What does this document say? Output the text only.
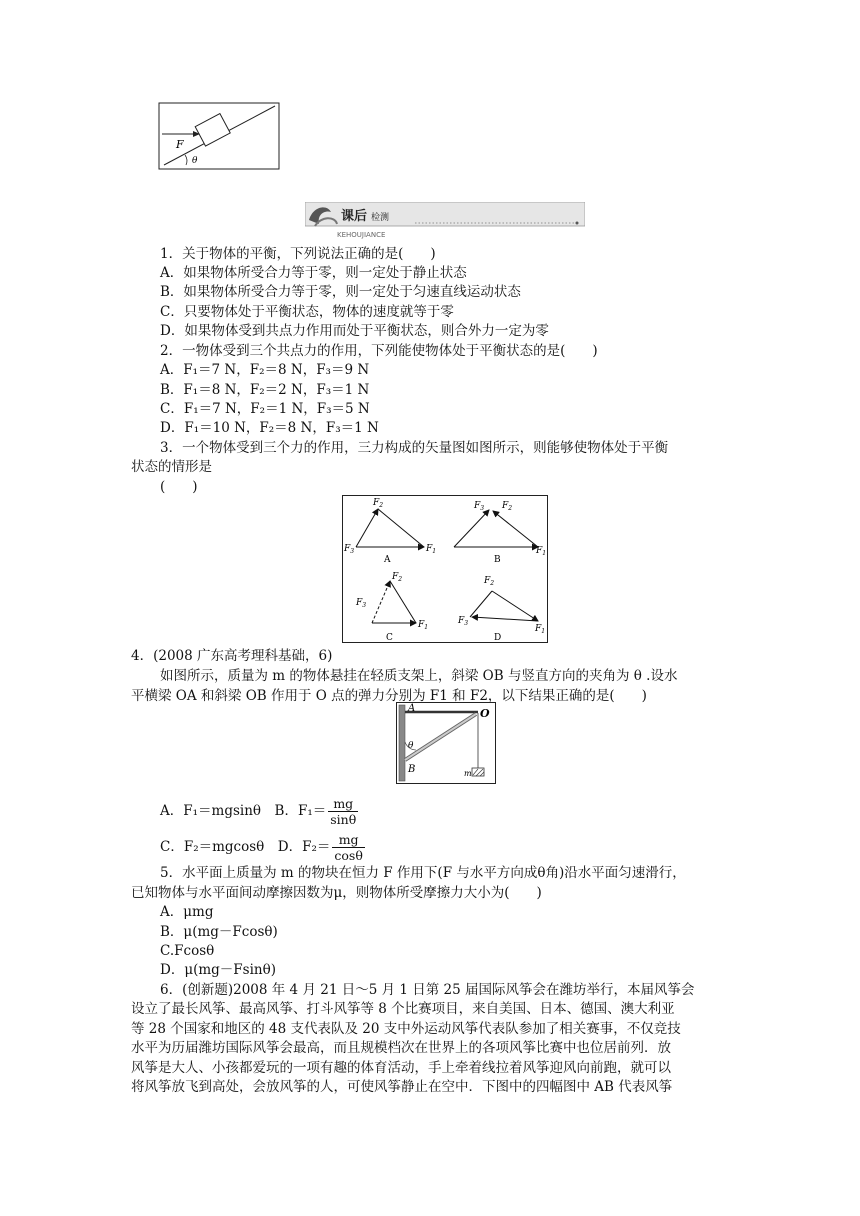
F
θ
课后 检测
KEHOUJIANCE
1．关于物体的平衡，下列说法正确的是(　　)
A．如果物体所受合力等于零，则一定处于静止状态
B．如果物体所受合力等于零，则一定处于匀速直线运动状态
C．只要物体处于平衡状态，物体的速度就等于零
D．如果物体受到共点力作用而处于平衡状态，则合外力一定为零
2．一物体受到三个共点力的作用，下列能使物体处于平衡状态的是(　　)
A．F₁＝7 N，F₂＝8 N，F₃＝9 N
B．F₁＝8 N，F₂＝2 N，F₃＝1 N
C．F₁＝7 N，F₂＝1 N，F₃＝5 N
D．F₁＝10 N，F₂＝8 N，F₃＝1 N
3．一个物体受到三个力的作用，三力构成的矢量图如图所示，则能够使物体处于平衡
状态的情形是
(　　)
$F_2$
$F_3$	$F_1$
A
$F_3$ $F_2$
$F_1$
B
$F_2$
$F_3$
$F_1$
C
$F_2$
$F_3$
$F_1$
D
4．(2008 广东高考理科基础，6)
如图所示，质量为 m 的物体悬挂在轻质支架上，斜梁 OB 与竖直方向的夹角为 θ .设水
平横梁 OA 和斜梁 OB 作用于 O 点的弹力分别为 F1 和 F2，以下结果正确的是(　　)
A	O
B
θ
m
A．F₁＝mgsinθ　B．$F_1= \frac{mg}{\sin\theta}$
C．F₂＝mgcosθ　D．$F_2= \frac{mg}{\cos\theta}$
5．水平面上质量为 m 的物块在恒力 F 作用下(F 与水平方向成θ角)沿水平面匀速滑行，
已知物体与水平面间动摩擦因数为μ，则物体所受摩擦力大小为(　　)
A．μmg
B．μ(mg－Fcosθ)
C.Fcosθ
D．μ(mg－Fsinθ)
6．(创新题)2008 年 4 月 21 日～5 月 1 日第 25 届国际风筝会在潍坊举行，本届风筝会
设立了最长风筝、最高风筝、打斗风筝等 8 个比赛项目，来自美国、日本、德国、澳大利亚
等 28 个国家和地区的 48 支代表队及 20 支中外运动风筝代表队参加了相关赛事，不仅竞技
水平为历届潍坊国际风筝会最高，而且规模档次在世界上的各项风筝比赛中也位居前列．放
风筝是大人、小孩都爱玩的一项有趣的体育活动，手上牵着线拉着风筝迎风向前跑，就可以
将风筝放飞到高处，会放风筝的人，可使风筝静止在空中．下图中的四幅图中 AB 代表风筝
